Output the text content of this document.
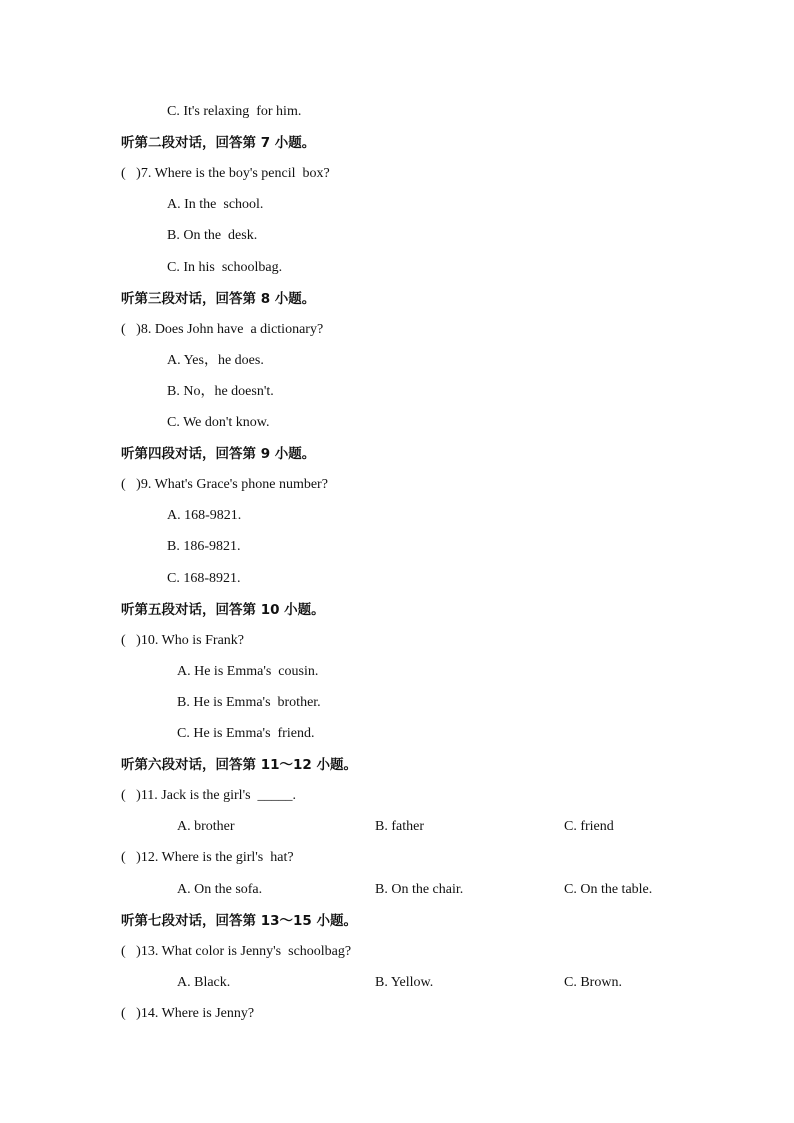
C. It's relaxing  for him.
听第二段对话，回答第 7 小题。
(   )7. Where is the boy's pencil  box?
A. In the  school.
B. On the  desk.
C. In his  schoolbag.
听第三段对话，回答第 8 小题。
(   )8. Does John have  a dictionary?
A. Yes，he does.
B. No，he doesn't.
C. We don't know.
听第四段对话，回答第 9 小题。
(   )9. What's Grace's phone number?
A. 168-9821.
B. 186-9821.
C. 168-8921.
听第五段对话，回答第 10 小题。
(   )10. Who is Frank?
A. He is Emma's  cousin.
B. He is Emma's  brother.
C. He is Emma's  friend.
听第六段对话，回答第 11～12 小题。
(   )11. Jack is the girl's  _____.
A. brother	B. father	C. friend
(   )12. Where is the girl's  hat?
A. On the sofa.	B. On the chair.	C. On the table.
听第七段对话，回答第 13～15 小题。
(   )13. What color is Jenny's  schoolbag?
A. Black.	B. Yellow.	C. Brown.
(   )14. Where is Jenny?
